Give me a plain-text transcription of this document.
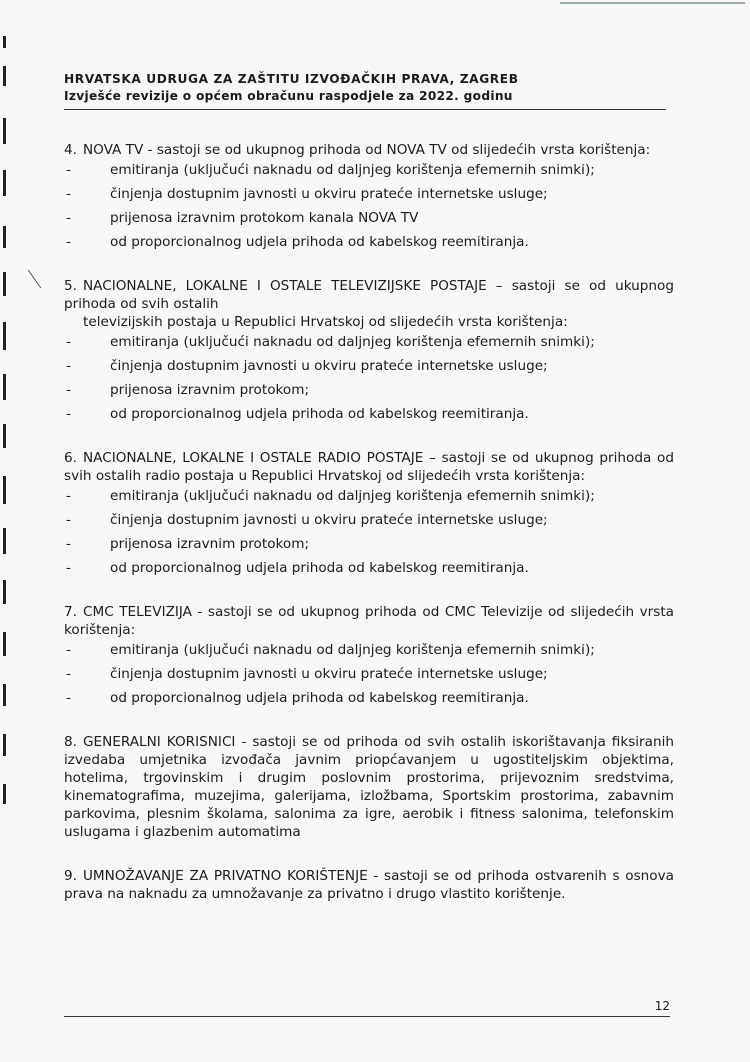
HRVATSKA UDRUGA ZA ZAŠTITU IZVOĐAČKIH PRAVA, ZAGREB
Izvješće revizije o općem obračunu raspodjele za 2022. godinu
4. NOVA TV - sastoji se od ukupnog prihoda od NOVA TV od slijedećih vrsta korištenja:
-	emitiranja (uključući naknadu od daljnjeg korištenja efemernih snimki);
-	činjenja dostupnim javnosti u okviru prateće internetske usluge;
-	prijenosa izravnim protokom kanala NOVA TV
-	od proporcionalnog udjela prihoda od kabelskog reemitiranja.
5. NACIONALNE, LOKALNE I OSTALE TELEVIZIJSKE POSTAJE – sastoji se od ukupnog prihoda od svih ostalih
televizijskih postaja u Republici Hrvatskoj od slijedećih vrsta korištenja:
-	emitiranja (uključući naknadu od daljnjeg korištenja efemernih snimki);
-	činjenja dostupnim javnosti u okviru prateće internetske usluge;
-	prijenosa izravnim protokom;
-	od proporcionalnog udjela prihoda od kabelskog reemitiranja.
6. NACIONALNE, LOKALNE I OSTALE RADIO POSTAJE – sastoji se od ukupnog prihoda od svih ostalih radio postaja u Republici Hrvatskoj od slijedećih vrsta korištenja:
-	emitiranja (uključući naknadu od daljnjeg korištenja efemernih snimki);
-	činjenja dostupnim javnosti u okviru prateće internetske usluge;
-	prijenosa izravnim protokom;
-	od proporcionalnog udjela prihoda od kabelskog reemitiranja.
7. CMC TELEVIZIJA - sastoji se od ukupnog prihoda od CMC Televizije od slijedećih vrsta korištenja:
-	emitiranja (uključući naknadu od daljnjeg korištenja efemernih snimki);
-	činjenja dostupnim javnosti u okviru prateće internetske usluge;
-	od proporcionalnog udjela prihoda od kabelskog reemitiranja.
8. GENERALNI KORISNICI - sastoji se od prihoda od svih ostalih iskorištavanja fiksiranih izvedaba umjetnika izvođača javnim priopćavanjem u ugostiteljskim objektima, hotelima, trgovinskim i drugim poslovnim prostorima, prijevoznim sredstvima, kinematografima, muzejima, galerijama, izložbama, Sportskim prostorima, zabavnim parkovima, plesnim školama, salonima za igre, aerobik i fitness salonima, telefonskim uslugama i glazbenim automatima
9. UMNOŽAVANJE ZA PRIVATNO KORIŠTENJE - sastoji se od prihoda ostvarenih s osnova prava na naknadu za umnožavanje za privatno i drugo vlastito korištenje.
12
